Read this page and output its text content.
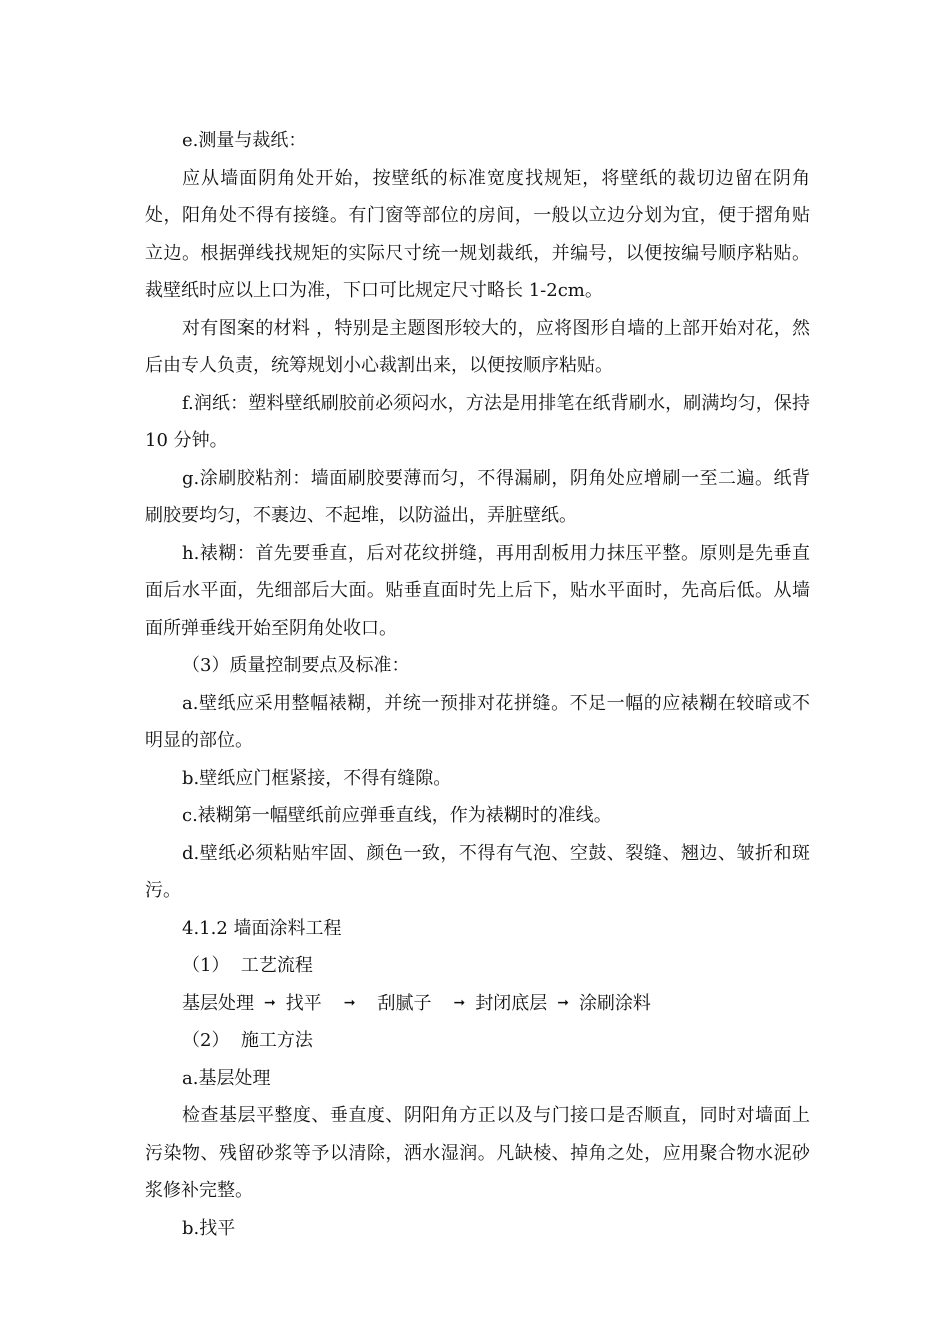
e.测量与裁纸：

应从墙面阴角处开始，按壁纸的标准宽度找规矩，将壁纸的裁切边留在阴角处，阳角处不得有接缝。有门窗等部位的房间，一般以立边分划为宜，便于摺角贴立边。根据弹线找规矩的实际尺寸统一规划裁纸，并编号，以便按编号顺序粘贴。裁壁纸时应以上口为准，下口可比规定尺寸略长 1-2cm。

对有图案的材料 ，特别是主题图形较大的，应将图形自墙的上部开始对花，然后由专人负责，统筹规划小心裁割出来，以便按顺序粘贴。

f.润纸：塑料壁纸刷胶前必须闷水，方法是用排笔在纸背刷水，刷满均匀，保持 10 分钟。

g.涂刷胶粘剂：墙面刷胶要薄而匀，不得漏刷，阴角处应增刷一至二遍。纸背刷胶要均匀，不裹边、不起堆，以防溢出，弄脏壁纸。

h.裱糊：首先要垂直，后对花纹拼缝，再用刮板用力抹压平整。原则是先垂直面后水平面，先细部后大面。贴垂直面时先上后下，贴水平面时，先高后低。从墙面所弹垂线开始至阴角处收口。

（3）质量控制要点及标准：

a.壁纸应采用整幅裱糊，并统一预排对花拼缝。不足一幅的应裱糊在较暗或不明显的部位。

b.壁纸应门框紧接，不得有缝隙。

c.裱糊第一幅壁纸前应弹垂直线，作为裱糊时的准线。

d.壁纸必须粘贴牢固、颜色一致，不得有气泡、空鼓、裂缝、翘边、皱折和斑污。

4.1.2 墙面涂料工程

（1）  工艺流程

基层处理 ➞ 找平 ➞ 刮腻子 ➞ 封闭底层 ➞ 涂刷涂料

（2）  施工方法

a.基层处理

检查基层平整度、垂直度、阴阳角方正以及与门接口是否顺直，同时对墙面上污染物、残留砂浆等予以清除，洒水湿润。凡缺棱、掉角之处，应用聚合物水泥砂浆修补完整。

b.找平
